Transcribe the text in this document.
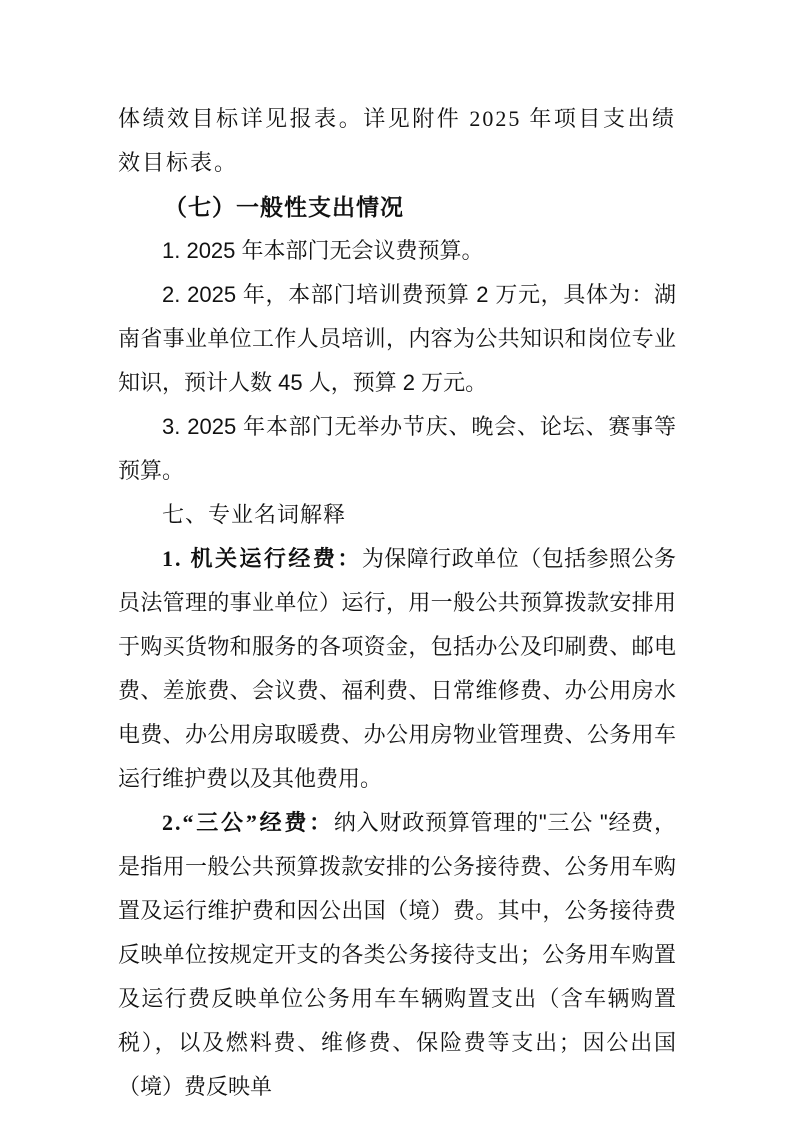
体绩效目标详见报表。详见附件 2025 年项目支出绩效目标表。

（七）一般性支出情况

1. 2025 年本部门无会议费预算。

2. 2025 年，本部门培训费预算 2 万元，具体为：湖南省事业单位工作人员培训，内容为公共知识和岗位专业知识，预计人数 45 人，预算 2 万元。

3. 2025 年本部门无举办节庆、晚会、论坛、赛事等预算。

七、专业名词解释

1. 机关运行经费：为保障行政单位（包括参照公务员法管理的事业单位）运行，用一般公共预算拨款安排用于购买货物和服务的各项资金，包括办公及印刷费、邮电费、差旅费、会议费、福利费、日常维修费、办公用房水电费、办公用房取暖费、办公用房物业管理费、公务用车运行维护费以及其他费用。

2.“三公”经费：纳入财政预算管理的"三公 "经费，是指用一般公共预算拨款安排的公务接待费、公务用车购置及运行维护费和因公出国（境）费。其中，公务接待费反映单位按规定开支的各类公务接待支出；公务用车购置及运行费反映单位公务用车车辆购置支出（含车辆购置税），以及燃料费、维修费、保险费等支出；因公出国（境）费反映单
